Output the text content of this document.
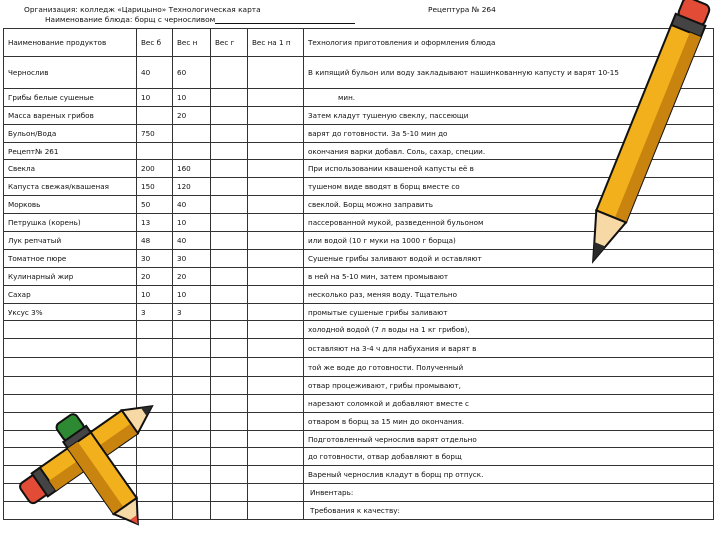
Организация: колледж «Царицыно» Технологическая карта	Рецептура № 264
Наименование блюда: борщ с черносливом
Наименование продуктов	Вес б	Вес н	Вес г	Вес на 1 п	Технология приготовления и оформления блюда
Чернослив	40	60			В кипящий бульон или воду закладывают нашинкованную капусту и варят 10-15
Грибы белые сушеные	10	10			мин.
Масса вареных грибов		20			Затем кладут тушеную свеклу, пассеющи
Бульон/Вода	750				варят до готовности. За 5-10 мин до
Рецепт№ 261					окончания варки добавл. Соль, сахар, специи.
Свекла	200	160			При использовании квашеной капусты её в
Капуста свежая/квашеная	150	120			тушеном виде вводят в борщ вместе со
Морковь	50	40			свеклой. Борщ можно заправить
Петрушка (корень)	13	10			пассерованной мукой, разведенной бульоном
Лук репчатый	48	40			или водой (10 г муки на 1000 г борща)
Томатное пюре	30	30			Сушеные грибы заливают водой и оставляют
Кулинарный жир	20	20			в ней на 5-10 мин, затем промывают
Сахар	10	10			несколько раз, меняя воду. Тщательно
Уксус 3%	3	3			промытые сушеные грибы заливают
					холодной водой (7 л воды на 1 кг грибов),
					оставляют на 3-4 ч для набухания и варят в
					той же воде до готовности. Полученный
					отвар процеживают, грибы промывают,
					нарезают соломкой и добавляют вместе с
					отваром в борщ за 15 мин до окончания.
					Подготовленный чернослив варят отдельно
					до готовности, отвар добавляют в борщ
					Вареный чернослив кладут в борщ пр отпуск.
					Инвентарь:
					Требования к качеству:
